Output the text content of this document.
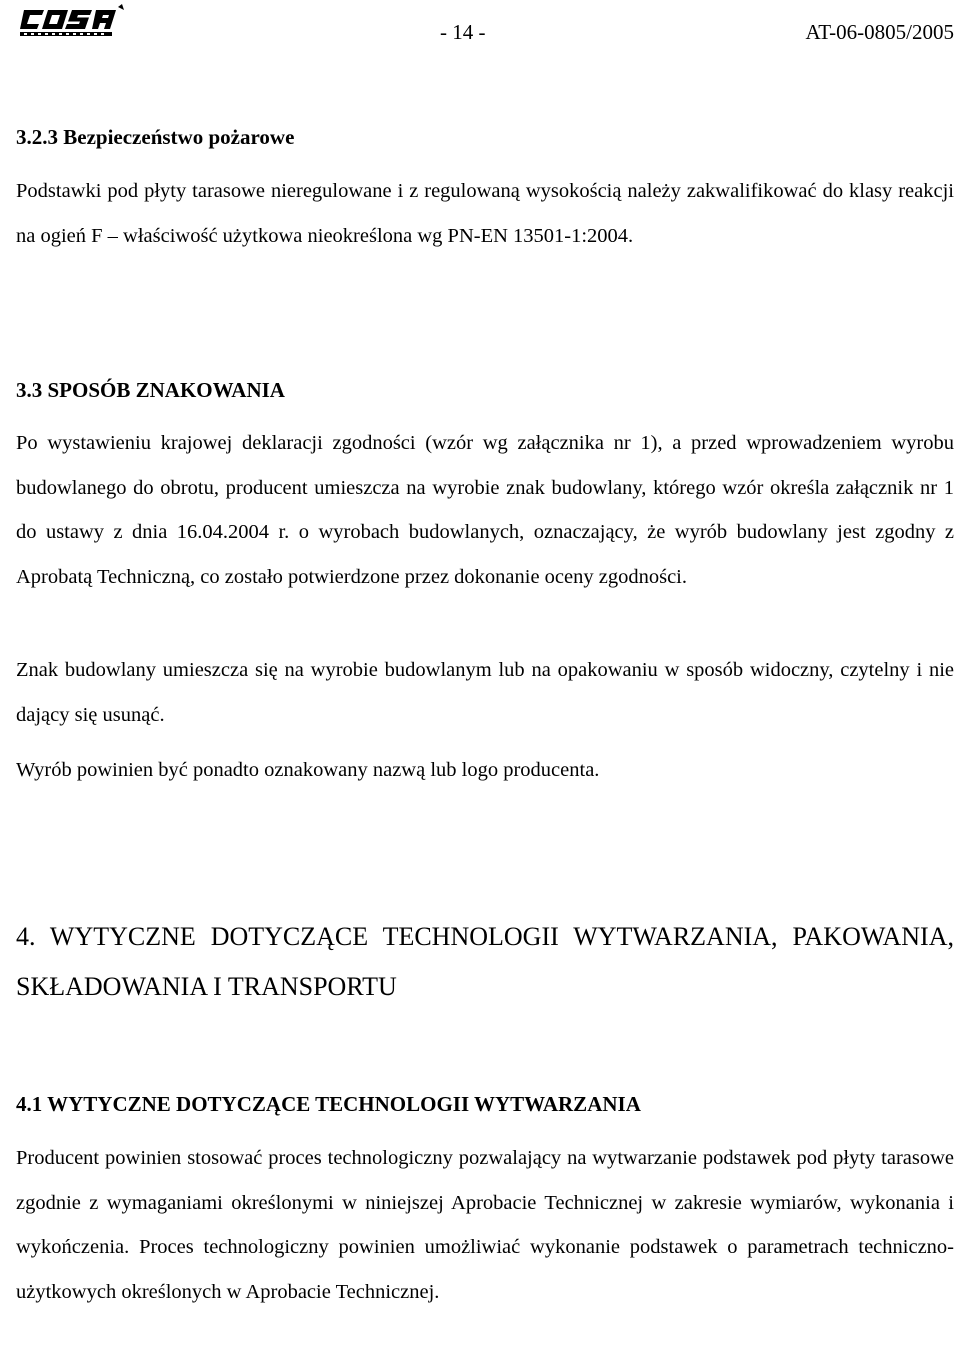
- 14 -	AT-06-0805/2005
3.2.3 Bezpieczeństwo pożarowe
Podstawki pod płyty tarasowe nieregulowane i z regulowaną wysokością należy zakwalifikować do klasy reakcji na ogień F – właściwość użytkowa nieokreślona wg PN-EN 13501-1:2004.
3.3 SPOSÓB ZNAKOWANIA
Po wystawieniu krajowej deklaracji zgodności (wzór wg załącznika nr 1), a przed wprowadzeniem wyrobu budowlanego do obrotu, producent umieszcza na wyrobie znak budowlany, którego wzór określa załącznik nr 1 do ustawy z dnia 16.04.2004 r. o wyrobach budowlanych, oznaczający, że wyrób budowlany jest zgodny z Aprobatą Techniczną, co zostało potwierdzone przez dokonanie oceny zgodności.
Znak budowlany umieszcza się na wyrobie budowlanym lub na opakowaniu w sposób widoczny, czytelny i nie dający się usunąć.
Wyrób powinien być ponadto oznakowany nazwą lub logo producenta.
4. WYTYCZNE DOTYCZĄCE TECHNOLOGII WYTWARZANIA, PAKOWANIA, SKŁADOWANIA I TRANSPORTU
4.1 WYTYCZNE DOTYCZĄCE TECHNOLOGII WYTWARZANIA
Producent powinien stosować proces technologiczny pozwalający na wytwarzanie podstawek pod płyty tarasowe zgodnie z wymaganiami określonymi w niniejszej Aprobacie Technicznej w zakresie wymiarów, wykonania i wykończenia. Proces technologiczny powinien umożliwiać wykonanie podstawek o parametrach techniczno-użytkowych określonych w Aprobacie Technicznej.
